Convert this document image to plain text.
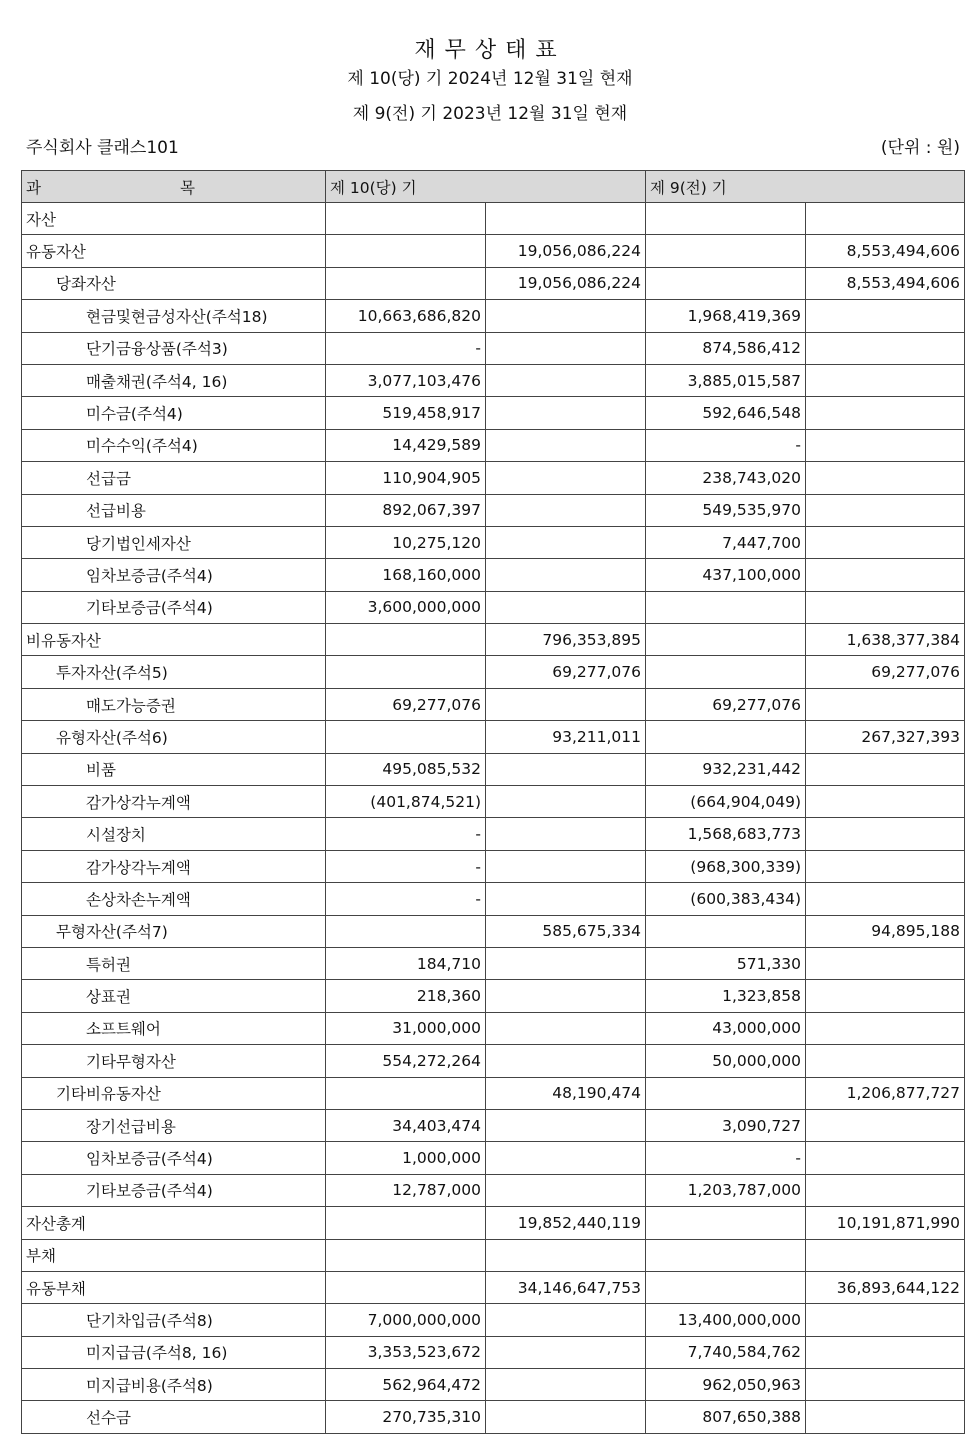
재무상태표
제 10(당) 기 2024년 12월 31일 현재
제 9(전) 기 2023년 12월 31일 현재
주식회사 클래스101	(단위 : 원)
과 목	제 10(당) 기		제 9(전) 기	
자산				
유동자산		19,056,086,224		8,553,494,606
당좌자산		19,056,086,224		8,553,494,606
현금및현금성자산(주석18)	10,663,686,820		1,968,419,369	
단기금융상품(주석3)	-		874,586,412	
매출채권(주석4, 16)	3,077,103,476		3,885,015,587	
미수금(주석4)	519,458,917		592,646,548	
미수수익(주석4)	14,429,589		-	
선급금	110,904,905		238,743,020	
선급비용	892,067,397		549,535,970	
당기법인세자산	10,275,120		7,447,700	
임차보증금(주석4)	168,160,000		437,100,000	
기타보증금(주석4)	3,600,000,000			
비유동자산		796,353,895		1,638,377,384
투자자산(주석5)		69,277,076		69,277,076
매도가능증권	69,277,076		69,277,076	
유형자산(주석6)		93,211,011		267,327,393
비품	495,085,532		932,231,442	
감가상각누계액	(401,874,521)		(664,904,049)	
시설장치	-		1,568,683,773	
감가상각누계액	-		(968,300,339)	
손상차손누계액	-		(600,383,434)	
무형자산(주석7)		585,675,334		94,895,188
특허권	184,710		571,330	
상표권	218,360		1,323,858	
소프트웨어	31,000,000		43,000,000	
기타무형자산	554,272,264		50,000,000	
기타비유동자산		48,190,474		1,206,877,727
장기선급비용	34,403,474		3,090,727	
임차보증금(주석4)	1,000,000		-	
기타보증금(주석4)	12,787,000		1,203,787,000	
자산총계		19,852,440,119		10,191,871,990
부채				
유동부채		34,146,647,753		36,893,644,122
단기차입금(주석8)	7,000,000,000		13,400,000,000	
미지급금(주석8, 16)	3,353,523,672		7,740,584,762	
미지급비용(주석8)	562,964,472		962,050,963	
선수금	270,735,310		807,650,388	
